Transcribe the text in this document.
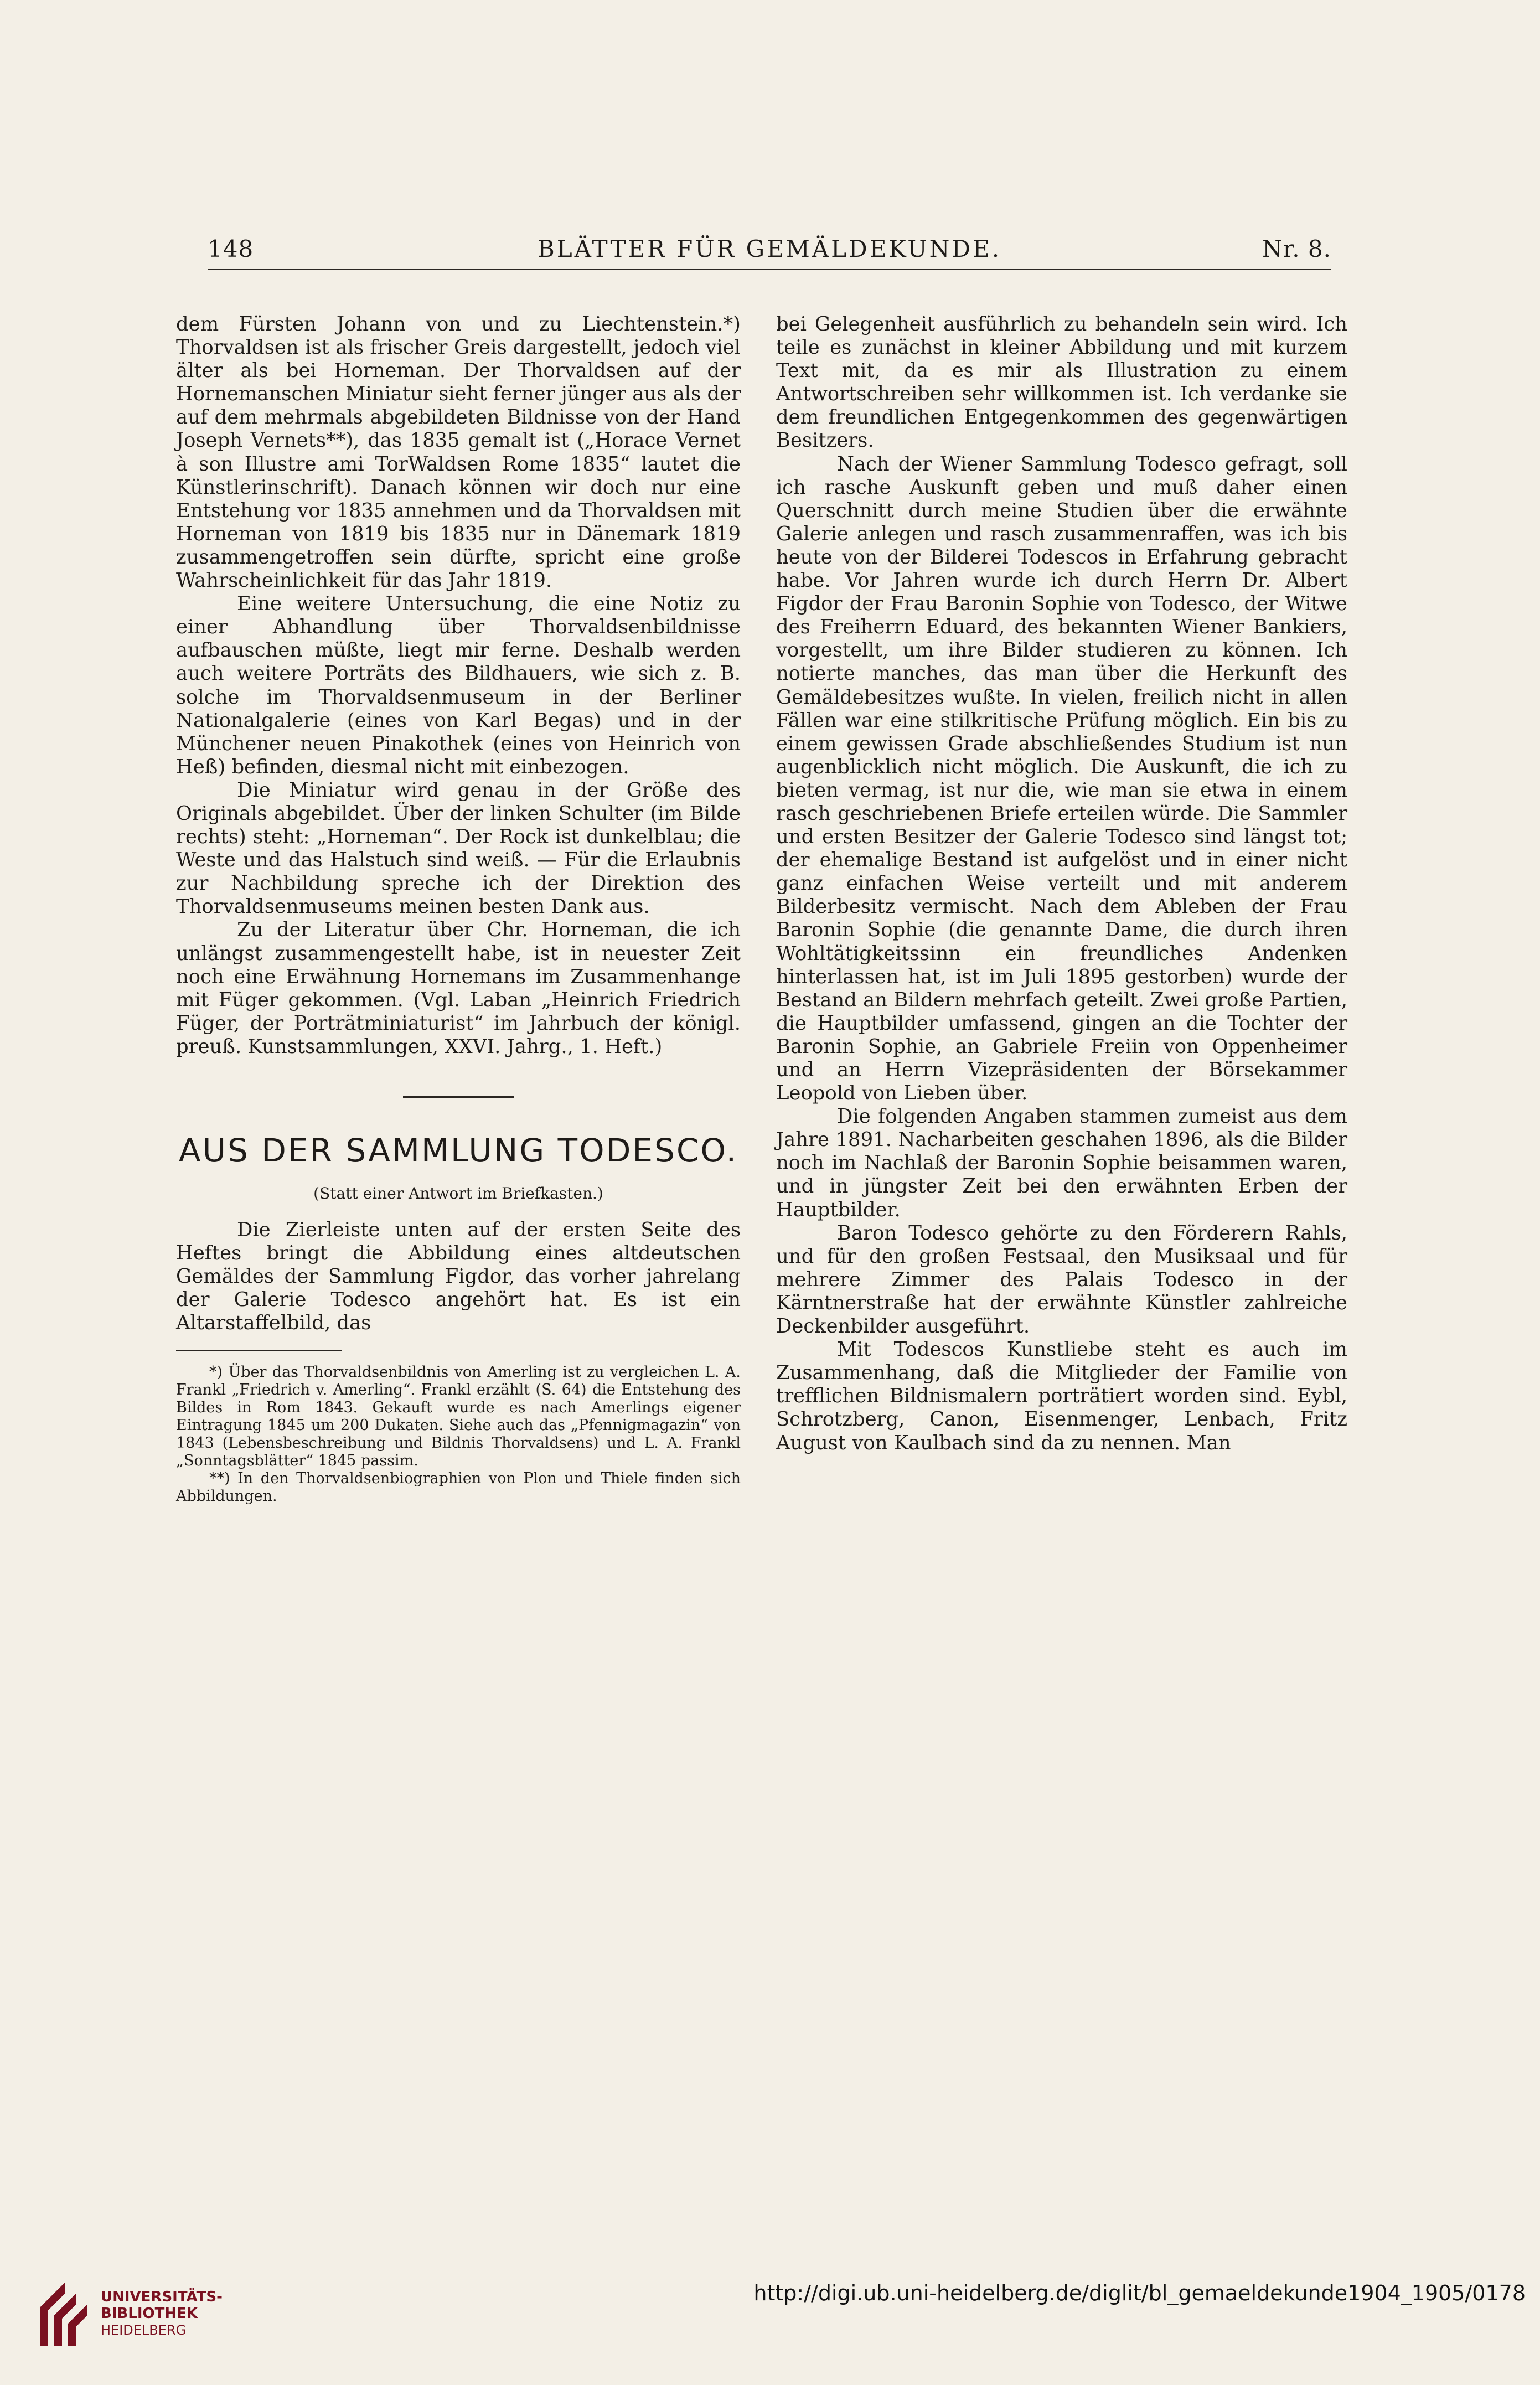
148	BLÄTTER FÜR GEMÄLDEKUNDE.	Nr. 8.

dem Fürsten Johann von und zu Liechtenstein.*) Thorvaldsen ist als frischer Greis dargestellt, jedoch viel älter als bei Horneman. Der Thorvaldsen auf der Hornemanschen Miniatur sieht ferner jünger aus als der auf dem mehrmals abgebildeten Bildnisse von der Hand Joseph Vernets**), das 1835 gemalt ist („Horace Vernet à son Illustre ami TorWaldsen Rome 1835“ lautet die Künstlerinschrift). Danach können wir doch nur eine Entstehung vor 1835 annehmen und da Thorvaldsen mit Horneman von 1819 bis 1835 nur in Dänemark 1819 zusammengetroffen sein dürfte, spricht eine große Wahrscheinlichkeit für das Jahr 1819.

Eine weitere Untersuchung, die eine Notiz zu einer Abhandlung über Thorvaldsenbildnisse aufbauschen müßte, liegt mir ferne. Deshalb werden auch weitere Porträts des Bildhauers, wie sich z. B. solche im Thorvaldsenmuseum in der Berliner Nationalgalerie (eines von Karl Begas) und in der Münchener neuen Pinakothek (eines von Heinrich von Heß) befinden, diesmal nicht mit einbezogen.

Die Miniatur wird genau in der Größe des Originals abgebildet. Über der linken Schulter (im Bilde rechts) steht: „Horneman“. Der Rock ist dunkelblau; die Weste und das Halstuch sind weiß. — Für die Erlaubnis zur Nachbildung spreche ich der Direktion des Thorvaldsenmuseums meinen besten Dank aus.

Zu der Literatur über Chr. Horneman, die ich unlängst zusammengestellt habe, ist in neuester Zeit noch eine Erwähnung Hornemans im Zusammenhange mit Füger gekommen. (Vgl. Laban „Heinrich Friedrich Füger, der Porträtminiaturist“ im Jahrbuch der königl. preuß. Kunstsammlungen, XXVI. Jahrg., 1. Heft.)

AUS DER SAMMLUNG TODESCO.
(Statt einer Antwort im Briefkasten.)

Die Zierleiste unten auf der ersten Seite des Heftes bringt die Abbildung eines altdeutschen Gemäldes der Sammlung Figdor, das vorher jahrelang der Galerie Todesco angehört hat. Es ist ein Altarstaffelbild, das

*) Über das Thorvaldsenbildnis von Amerling ist zu vergleichen L. A. Frankl „Friedrich v. Amerling“. Frankl erzählt (S. 64) die Entstehung des Bildes in Rom 1843. Gekauft wurde es nach Amerlings eigener Eintragung 1845 um 200 Dukaten. Siehe auch das „Pfennigmagazin“ von 1843 (Lebensbeschreibung und Bildnis Thorvaldsens) und L. A. Frankl „Sonntagsblätter“ 1845 passim.

**) In den Thorvaldsenbiographien von Plon und Thiele finden sich Abbildungen.

bei Gelegenheit ausführlich zu behandeln sein wird. Ich teile es zunächst in kleiner Abbildung und mit kurzem Text mit, da es mir als Illustration zu einem Antwortschreiben sehr willkommen ist. Ich verdanke sie dem freundlichen Entgegenkommen des gegenwärtigen Besitzers.

Nach der Wiener Sammlung Todesco gefragt, soll ich rasche Auskunft geben und muß daher einen Querschnitt durch meine Studien über die erwähnte Galerie anlegen und rasch zusammenraffen, was ich bis heute von der Bilderei Todescos in Erfahrung gebracht habe. Vor Jahren wurde ich durch Herrn Dr. Albert Figdor der Frau Baronin Sophie von Todesco, der Witwe des Freiherrn Eduard, des bekannten Wiener Bankiers, vorgestellt, um ihre Bilder studieren zu können. Ich notierte manches, das man über die Herkunft des Gemäldebesitzes wußte. In vielen, freilich nicht in allen Fällen war eine stilkritische Prüfung möglich. Ein bis zu einem gewissen Grade abschließendes Studium ist nun augenblicklich nicht möglich. Die Auskunft, die ich zu bieten vermag, ist nur die, wie man sie etwa in einem rasch geschriebenen Briefe erteilen würde. Die Sammler und ersten Besitzer der Galerie Todesco sind längst tot; der ehemalige Bestand ist aufgelöst und in einer nicht ganz einfachen Weise verteilt und mit anderem Bilderbesitz vermischt. Nach dem Ableben der Frau Baronin Sophie (die genannte Dame, die durch ihren Wohltätigkeitssinn ein freundliches Andenken hinterlassen hat, ist im Juli 1895 gestorben) wurde der Bestand an Bildern mehrfach geteilt. Zwei große Partien, die Hauptbilder umfassend, gingen an die Tochter der Baronin Sophie, an Gabriele Freiin von Oppenheimer und an Herrn Vizepräsidenten der Börsekammer Leopold von Lieben über.

Die folgenden Angaben stammen zumeist aus dem Jahre 1891. Nacharbeiten geschahen 1896, als die Bilder noch im Nachlaß der Baronin Sophie beisammen waren, und in jüngster Zeit bei den erwähnten Erben der Hauptbilder.

Baron Todesco gehörte zu den Förderern Rahls, und für den großen Festsaal, den Musiksaal und für mehrere Zimmer des Palais Todesco in der Kärntnerstraße hat der erwähnte Künstler zahlreiche Deckenbilder ausgeführt.

Mit Todescos Kunstliebe steht es auch im Zusammenhang, daß die Mitglieder der Familie von trefflichen Bildnismalern porträtiert worden sind. Eybl, Schrotzberg, Canon, Eisenmenger, Lenbach, Fritz August von Kaulbach sind da zu nennen. Man

UNIVERSITÄTS-
BIBLIOTHEK
HEIDELBERG
http://digi.ub.uni-heidelberg.de/diglit/bl_gemaeldekunde1904_1905/0178
